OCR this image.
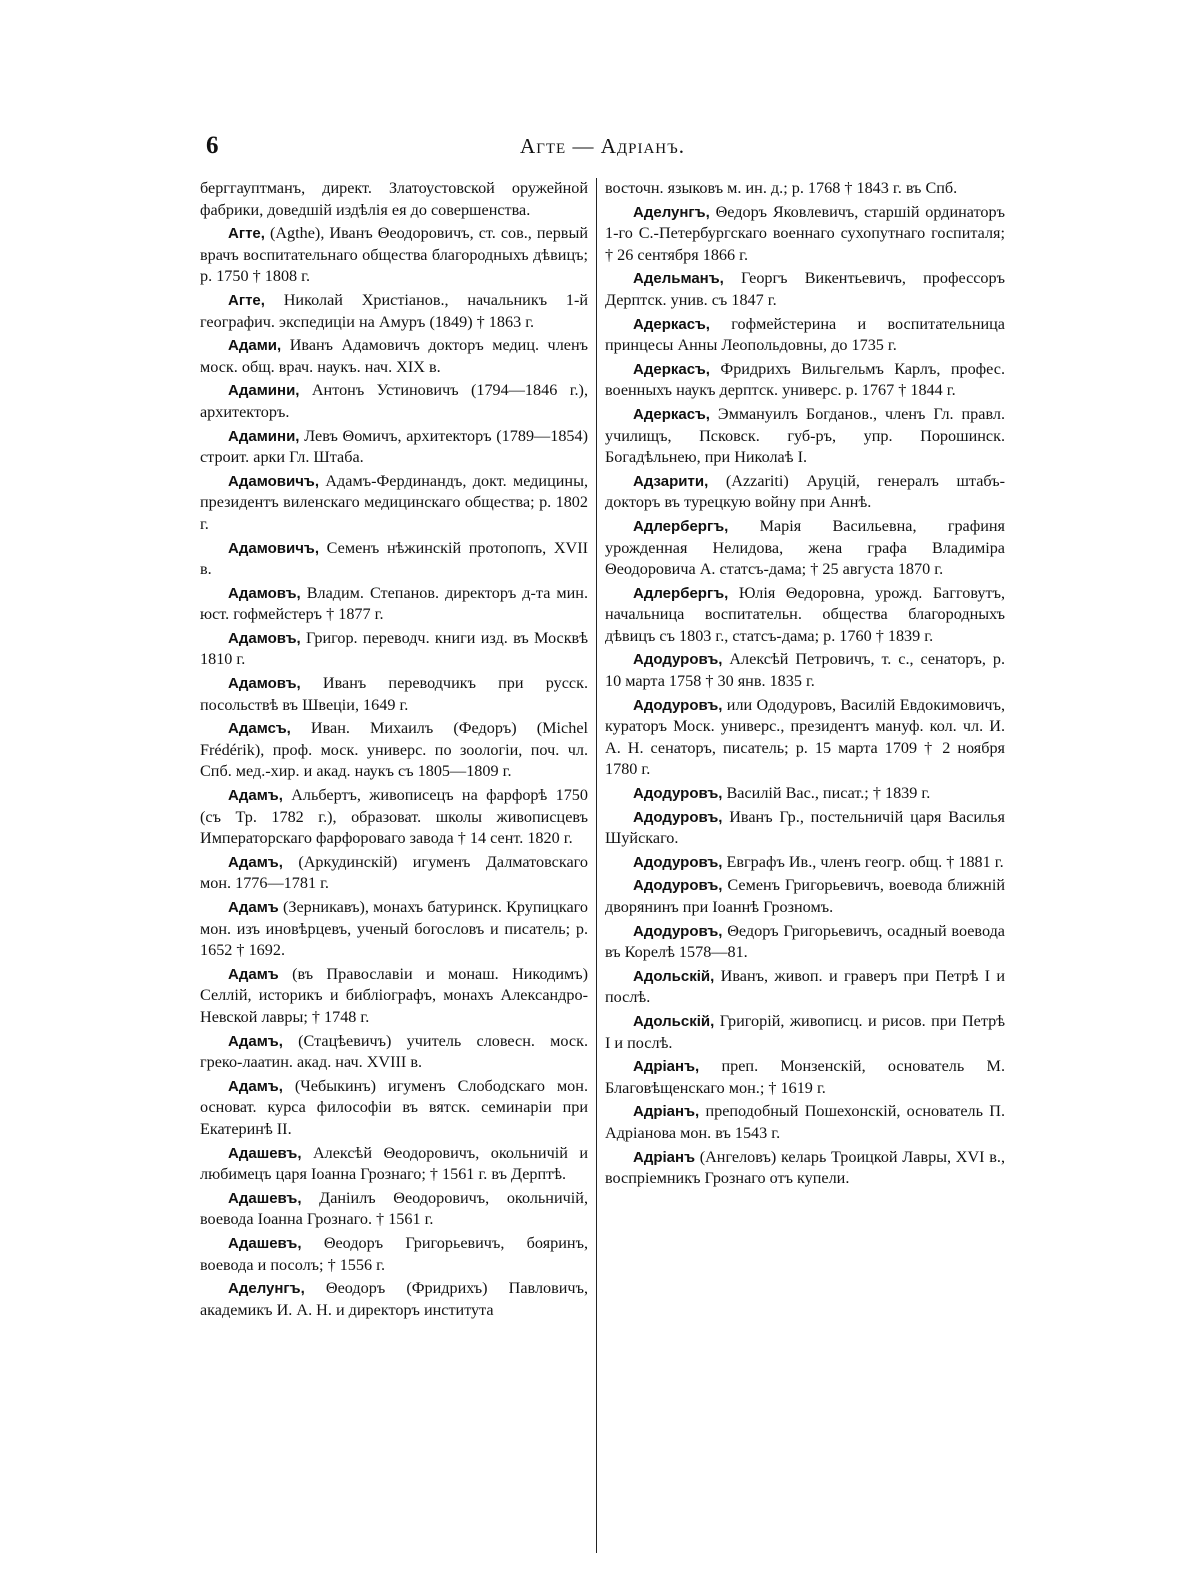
6	Агте — Адріанъ.

берггауптманъ, директ. Златоустовской оружейной фабрики, доведшій издѣлія ея до совершенства.

Агте, (Agthe), Иванъ Θеодоровичъ, ст. сов., первый врачъ воспитательнаго общества благородныхъ дѣвицъ; р. 1750 † 1808 г.

Агте, Николай Христіанов., начальникъ 1-й географич. экспедиціи на Амуръ (1849) † 1863 г.

Адами, Иванъ Адамовичъ докторъ медиц. членъ моск. общ. врач. наукъ. нач. XIX в.

Адамини, Антонъ Устиновичъ (1794—1846 г.), архитекторъ.

Адамини, Левъ Θомичъ, архитекторъ (1789—1854) строит. арки Гл. Штаба.

Адамовичъ, Адамъ-Фердинандъ, докт. медицины, президентъ виленскаго медицинскаго общества; р. 1802 г.

Адамовичъ, Семенъ нѣжинскій протопопъ, XVII в.

Адамовъ, Владим. Степанов. директоръ д-та мин. юст. гофмейстеръ † 1877 г.

Адамовъ, Григор. переводч. книги изд. въ Москвѣ 1810 г.

Адамовъ, Иванъ переводчикъ при русск. посольствѣ въ Швеціи, 1649 г.

Адамсъ, Иван. Михаилъ (Федоръ) (Michel Frédérik), проф. моск. универс. по зоологіи, поч. чл. Спб. мед.-хир. и акад. наукъ съ 1805—1809 г.

Адамъ, Альбертъ, живописецъ на фарфорѣ 1750 (съ Тр. 1782 г.), образоват. школы живописцевъ Императорскаго фарфороваго завода † 14 сент. 1820 г.

Адамъ, (Аркудинскій) игуменъ Далматовскаго мон. 1776—1781 г.

Адамъ (Зерникавъ), монахъ батуринск. Крупицкаго мон. изъ иновѣрцевъ, ученый богословъ и писатель; р. 1652 † 1692.

Адамъ (въ Православіи и монаш. Никодимъ) Селлій, историкъ и библіографъ, монахъ Александро-Невской лавры; † 1748 г.

Адамъ, (Стацѣевичъ) учитель словесн. моск. греко-лаатин. акад. нач. XVIII в.

Адамъ, (Чебыкинъ) игуменъ Слободскаго мон. основат. курса философіи въ вятск. семинаріи при Екатеринѣ II.

Адашевъ, Алексѣй Θеодоровичъ, окольничій и любимецъ царя Іоанна Грознаго; † 1561 г. въ Дерптѣ.

Адашевъ, Даніилъ Θеодоровичъ, окольничій, воевода Іоанна Грознаго. † 1561 г.

Адашевъ, Θеодоръ Григорьевичъ, бояринъ, воевода и посолъ; † 1556 г.

Аделунгъ, Θеодоръ (Фридрихъ) Павловичъ, академикъ И. А. Н. и директоръ института

восточн. языковъ м. ин. д.; р. 1768 † 1843 г. въ Спб.

Аделунгъ, Θедоръ Яковлевичъ, старшій ординаторъ 1-го С.-Петербургскаго военнаго сухопутнаго госпиталя; † 26 сентября 1866 г.

Адельманъ, Георгъ Викентьевичъ, профессоръ Дерптск. унив. съ 1847 г.

Адеркасъ, гофмейстерина и воспитательница принцесы Анны Леопольдовны, до 1735 г.

Адеркасъ, Фридрихъ Вильгельмъ Карлъ, профес. военныхъ наукъ дерптск. универс. р. 1767 † 1844 г.

Адеркасъ, Эммануилъ Богданов., членъ Гл. правл. училищъ, Псковск. губ-ръ, упр. Порошинск. Богадѣльнею, при Николаѣ I.

Адзарити, (Azzariti) Аруцій, генералъ штабъ-докторъ въ турецкую войну при Аннѣ.

Адлербергъ, Марія Васильевна, графиня урожденная Нелидова, жена графа Владиміра Θеодоровича А. статсъ-дама; † 25 августа 1870 г.

Адлербергъ, Юлія Θедоровна, урожд. Багговутъ, начальница воспитательн. общества благородныхъ дѣвицъ съ 1803 г., статсъ-дама; р. 1760 † 1839 г.

Адодуровъ, Алексѣй Петровичъ, т. с., сенаторъ, р. 10 марта 1758 † 30 янв. 1835 г.

Адодуровъ, или Ододуровъ, Василій Евдокимовичъ, кураторъ Моск. универс., президентъ мануф. кол. чл. И. А. Н. сенаторъ, писатель; р. 15 марта 1709 † 2 ноября 1780 г.

Адодуровъ, Василій Вас., писат.; † 1839 г.

Адодуровъ, Иванъ Гр., постельничій царя Василья Шуйскаго.

Адодуровъ, Евграфъ Ив., членъ геогр. общ. † 1881 г.

Адодуровъ, Семенъ Григорьевичъ, воевода ближній дворянинъ при Іоаннѣ Грозномъ.

Адодуровъ, Θедоръ Григорьевичъ, осадный воевода въ Корелѣ 1578—81.

Адольскій, Иванъ, живоп. и граверъ при Петрѣ I и послѣ.

Адольскій, Григорій, живописц. и рисов. при Петрѣ I и послѣ.

Адріанъ, преп. Монзенскій, основатель М. Благовѣщенскаго мон.; † 1619 г.

Адріанъ, преподобный Пошехонскій, основатель П. Адріанова мон. въ 1543 г.

Адріанъ (Ангеловъ) келарь Троицкой Лавры, XVI в., воспріемникъ Грознаго отъ купели.
